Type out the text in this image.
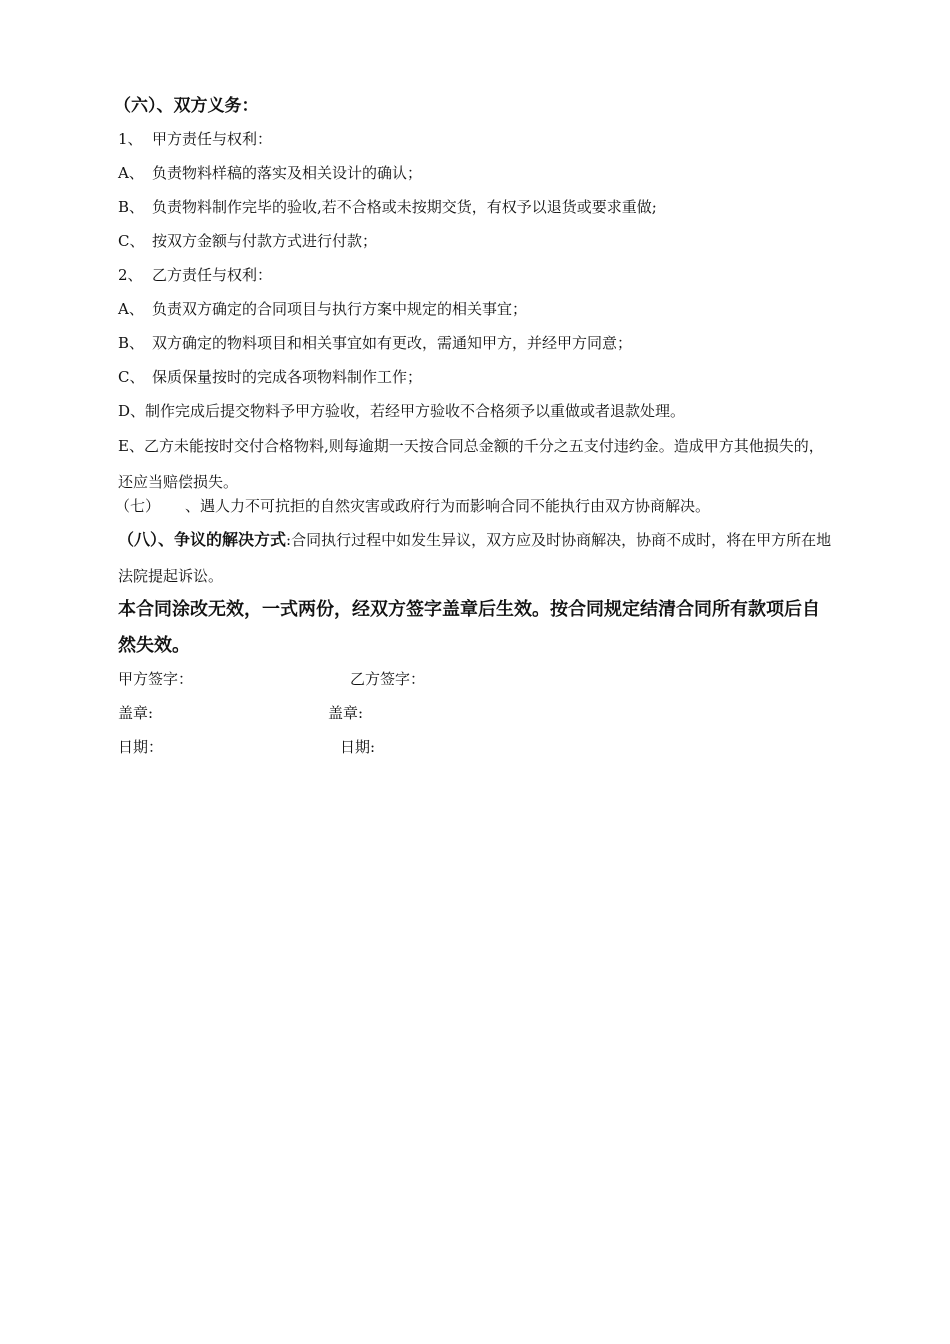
（六）、双方义务：
1、 甲方责任与权利：
A、 负责物料样稿的落实及相关设计的确认；
B、 负责物料制作完毕的验收,若不合格或未按期交货，有权予以退货或要求重做;
C、 按双方金额与付款方式进行付款；
2、 乙方责任与权利：
A、 负责双方确定的合同项目与执行方案中规定的相关事宜；
B、 双方确定的物料项目和相关事宜如有更改，需通知甲方，并经甲方同意；
C、 保质保量按时的完成各项物料制作工作；
D、制作完成后提交物料予甲方验收，若经甲方验收不合格须予以重做或者退款处理。
E、乙方未能按时交付合格物料,则每逾期一天按合同总金额的千分之五支付违约金。造成甲方其他损失的，还应当赔偿损失。
（七） 、遇人力不可抗拒的自然灾害或政府行为而影响合同不能执行由双方协商解决。
（八）、争议的解决方式:合同执行过程中如发生异议，双方应及时协商解决，协商不成时，将在甲方所在地法院提起诉讼。
本合同涂改无效，一式两份，经双方签字盖章后生效。按合同规定结清合同所有款项后自然失效。
甲方签字：	乙方签字：
盖章:	盖章:
日期：	日期:
